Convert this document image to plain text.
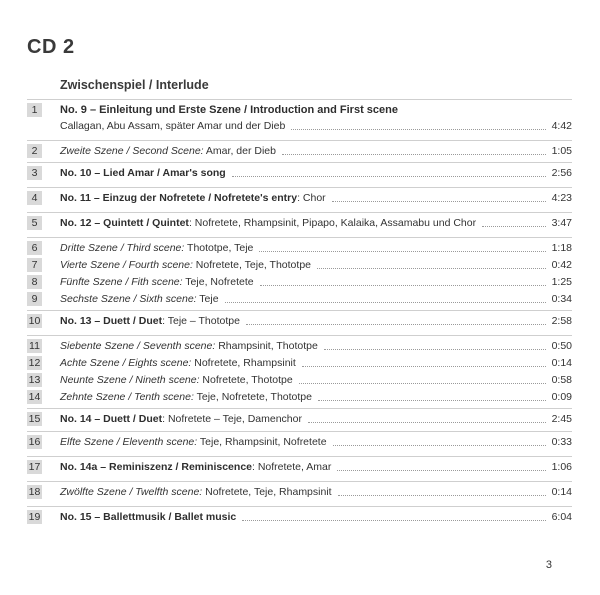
CD 2
Zwischenspiel / Interlude
1	No. 9 – Einleitung und Erste Szene / Introduction and First scene
Callagan, Abu Assam, später Amar und der Dieb	4:42
2	Zweite Szene / Second Scene: Amar, der Dieb	1:05
3	No. 10 – Lied Amar / Amar's song	2:56
4	No. 11 – Einzug der Nofretete / Nofretete's entry: Chor	4:23
5	No. 12 – Quintett / Quintet: Nofretete, Rhampsinit, Pipapo, Kalaika, Assamabu und Chor	3:47
6	Dritte Szene / Third scene: Thototpe, Teje	1:18
7	Vierte Szene / Fourth scene: Nofretete, Teje, Thototpe	0:42
8	Fünfte Szene / Fith scene: Teje, Nofretete	1:25
9	Sechste Szene / Sixth scene: Teje	0:34
10 No. 13 – Duett / Duet: Teje – Thototpe	2:58
11 Siebente Szene / Seventh scene: Rhampsinit, Thototpe	0:50
12 Achte Szene / Eights scene: Nofretete, Rhampsinit	0:14
13 Neunte Szene / Nineth scene: Nofretete, Thototpe	0:58
14 Zehnte Szene / Tenth scene: Teje, Nofretete, Thototpe	0:09
15 No. 14 – Duett / Duet: Nofretete – Teje, Damenchor	2:45
16 Elfte Szene / Eleventh scene: Teje, Rhampsinit, Nofretete	0:33
17 No. 14a – Reminiszenz / Reminiscence: Nofretete, Amar	1:06
18 Zwölfte Szene / Twelfth scene: Nofretete, Teje, Rhampsinit	0:14
19 No. 15 – Ballettmusik / Ballet music	6:04
3
